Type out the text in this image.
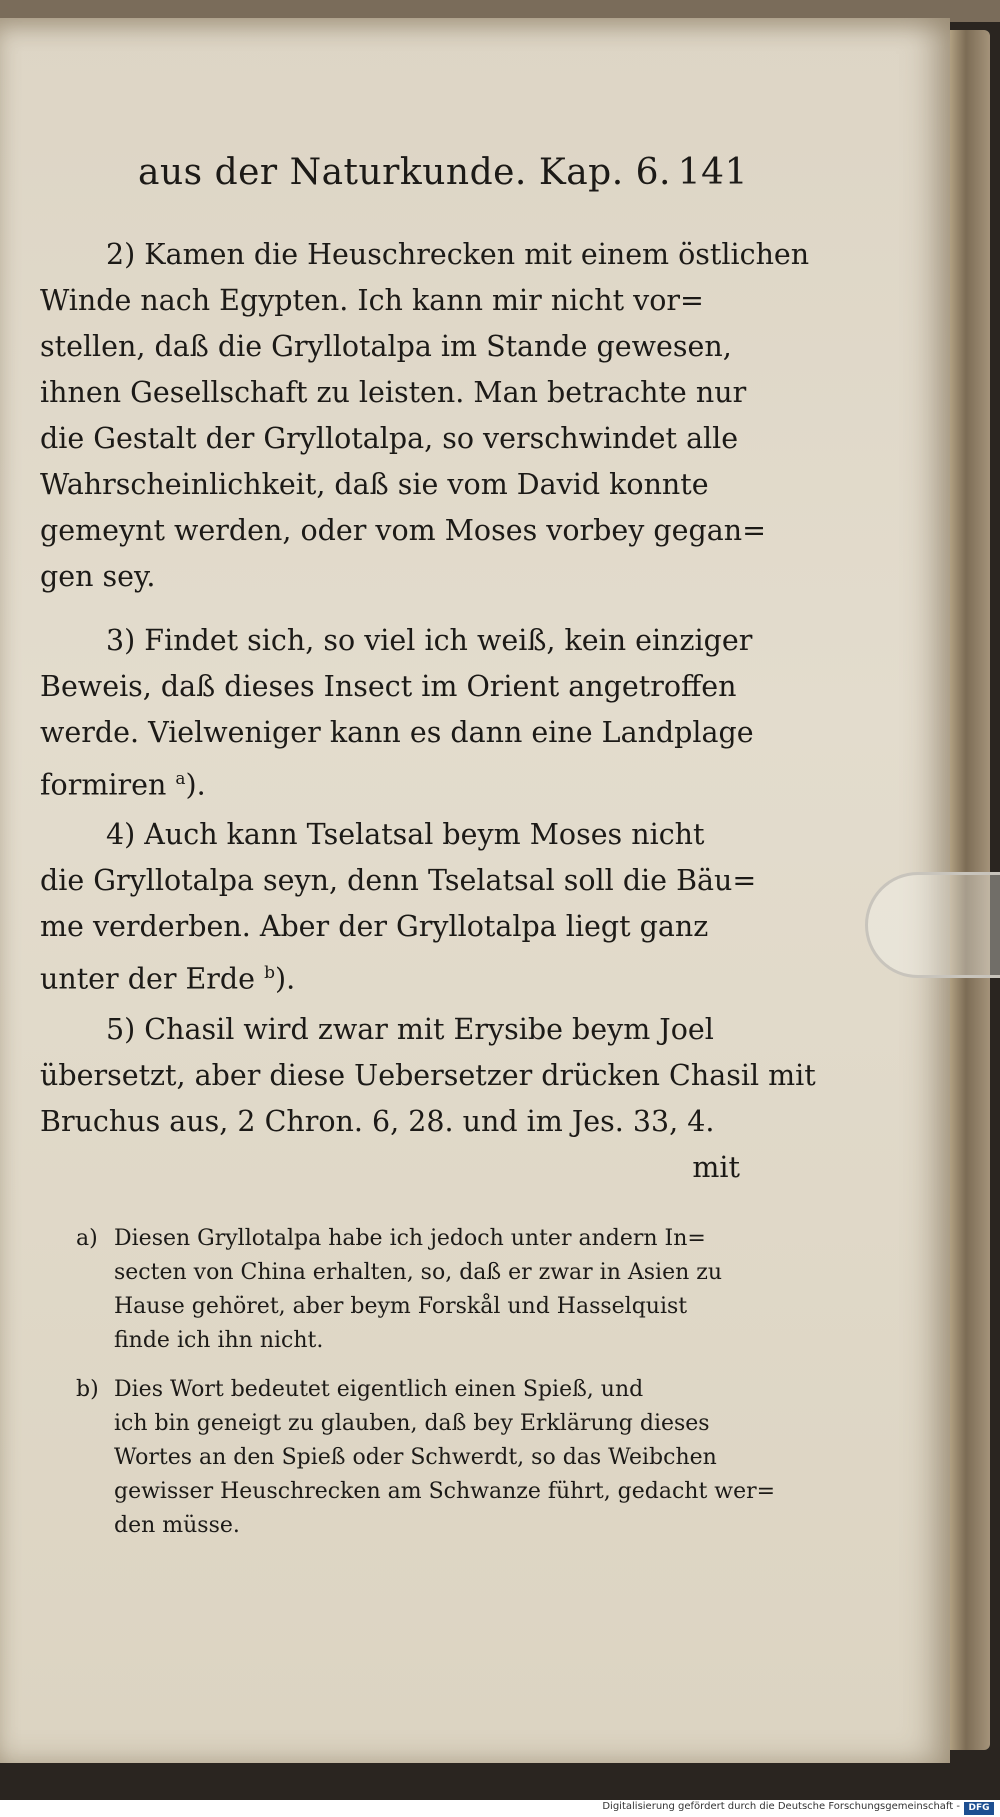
aus der Naturkunde. Kap. 6. 141
2) Kamen die Heuschrecken mit einem östlichen
Winde nach Egypten. Ich kann mir nicht vor=
stellen, daß die Gryllotalpa im Stande gewesen,
ihnen Gesellschaft zu leisten. Man betrachte nur
die Gestalt der Gryllotalpa, so verschwindet alle
Wahrscheinlichkeit, daß sie vom David konnte
gemeynt werden, oder vom Moses vorbey gegan=
gen sey.
3) Findet sich, so viel ich weiß, kein einziger
Beweis, daß dieses Insect im Orient angetroffen
werde. Vielweniger kann es dann eine Landplage
formiren $^a$).
4) Auch kann Tselatsal beym Moses nicht
die Gryllotalpa seyn, denn Tselatsal soll die Bäu=
me verderben. Aber der Gryllotalpa liegt ganz
unter der Erde $^b$).
5) Chasil wird zwar mit Erysibe beym Joel
übersetzt, aber diese Uebersetzer drücken Chasil mit
Bruchus aus, 2 Chron. 6, 28. und im Jes. 33, 4.
mit
a) Diesen Gryllotalpa habe ich jedoch unter andern In=
secten von China erhalten, so, daß er zwar in Asien zu
Hause gehöret, aber beym Forskål und Hasselquist
finde ich ihn nicht.
b) Dies Wort bedeutet eigentlich einen Spieß, und
ich bin geneigt zu glauben, daß bey Erklärung dieses
Wortes an den Spieß oder Schwerdt, so das Weibchen
gewisser Heuschrecken am Schwanze führt, gedacht wer=
den müsse.
Digitalisierung gefördert durch die Deutsche Forschungsgemeinschaft - DFG
